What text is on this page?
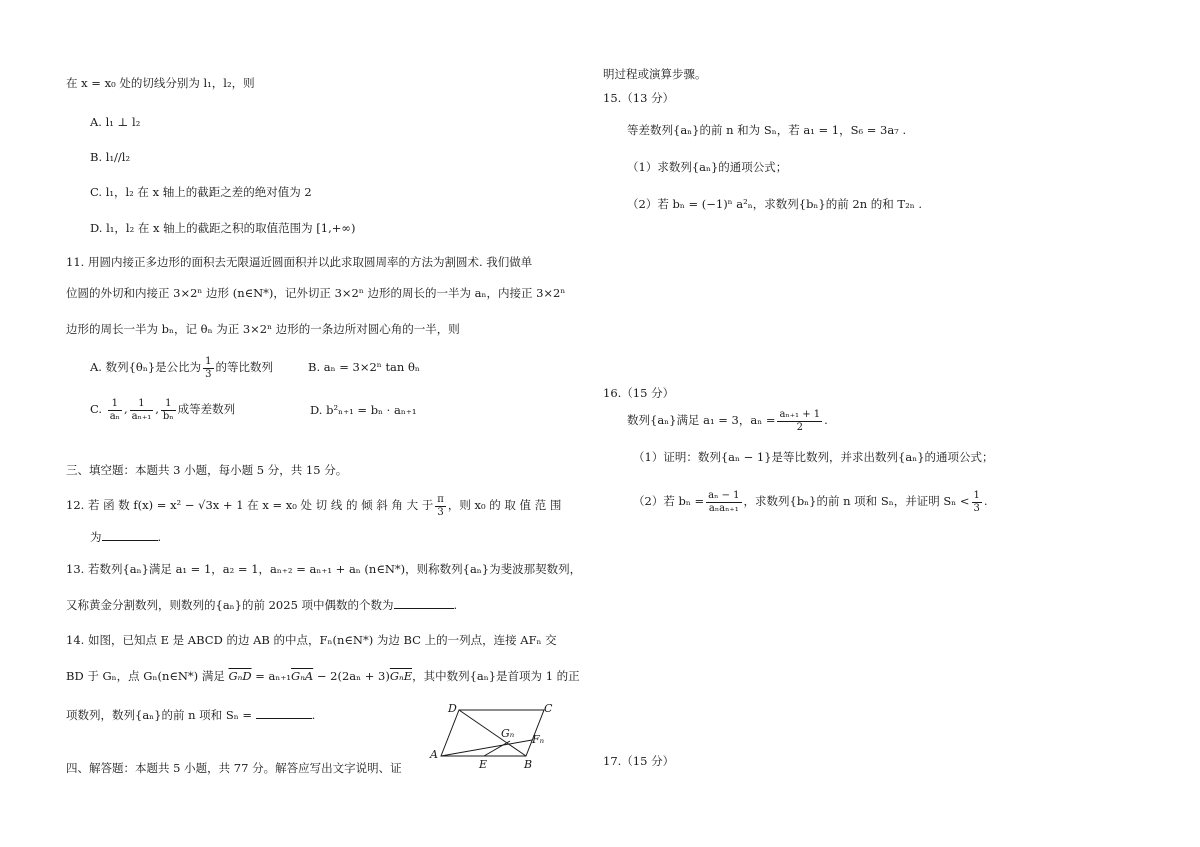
在 x = x₀ 处的切线分别为 l₁，l₂，则
A. l₁ ⊥ l₂
B. l₁//l₂
C. l₁，l₂ 在 x 轴上的截距之差的绝对值为 2
D. l₁，l₂ 在 x 轴上的截距之积的取值范围为 [1,+∞)
11. 用圆内接正多边形的面积去无限逼近圆面积并以此求取圆周率的方法为割圆术. 我们做单
位圆的外切和内接正 3×2ⁿ 边形 (n∈N*)，记外切正 3×2ⁿ 边形的周长的一半为 aₙ，内接正 3×2ⁿ
边形的周长一半为 bₙ，记 θₙ 为正 3×2ⁿ 边形的一条边所对圆心角的一半，则
A. 数列{θₙ}是公比为 $\frac{1}{3}$ 的等比数列	B. aₙ = 3×2ⁿ tan θₙ
C. $\frac{1}{\text{aₙ}}$ , $\frac{1}{\text{aₙ₊₁}}$ , $\frac{1}{\text{bₙ}}$ 成等差数列	D. b²ₙ₊₁ = bₙ · aₙ₊₁
三、填空题：本题共 3 小题，每小题 5 分，共 15 分。
12. 若 函 数 f(x) = x² − √3x + 1 在 x = x₀ 处 切 线 的 倾 斜 角 大 于 $\frac{\pi}{3}$ ，则 x₀ 的 取 值 范 围
为	.
13. 若数列{aₙ}满足 a₁ = 1，a₂ = 1，aₙ₊₂ = aₙ₊₁ + aₙ (n∈N*)，则称数列{aₙ}为斐波那契数列，
又称黄金分割数列，则数列的{aₙ}的前 2025 项中偶数的个数为	.
14. 如图，已知点 E 是 ABCD 的边 AB 的中点，Fₙ(n∈N*) 为边 BC 上的一列点，连接 AFₙ 交
BD 于 Gₙ，点 Gₙ(n∈N*) 满足 $\overline{G_nD} = a_{n+1}\overline{G_nA} - 2(2a_n + 3)\overline{G_nE}$，其中数列{aₙ}是首项为 1 的正
项数列，数列{aₙ}的前 n 项和 Sₙ =	.
四、解答题：本题共 5 小题，共 77 分。解答应写出文字说明、证
D	C
A
B
E
Gₙ Fₙ
明过程或演算步骤。
15.（13 分）
等差数列{aₙ}的前 n 和为 Sₙ，若 a₁ = 1，S₆ = 3a₇ .
（1）求数列{aₙ}的通项公式；
（2）若 bₙ = (−1)ⁿ a²ₙ，求数列{bₙ}的前 2n 的和 T₂ₙ .
16.（15 分）
数列{aₙ}满足 a₁ = 3，$a_n = \frac{\text{aₙ₊₁ + 1}}{2}$ .
（1）证明：数列{aₙ − 1}是等比数列，并求出数列{aₙ}的通项公式；
（2）若 $b_n = \frac{\text{aₙ − 1}}{\text{aₙaₙ₊₁}}$ ，求数列{bₙ}的前 n 项和 Sₙ，并证明 $S_n < \frac{1}{3}$ .
17.（15 分）
